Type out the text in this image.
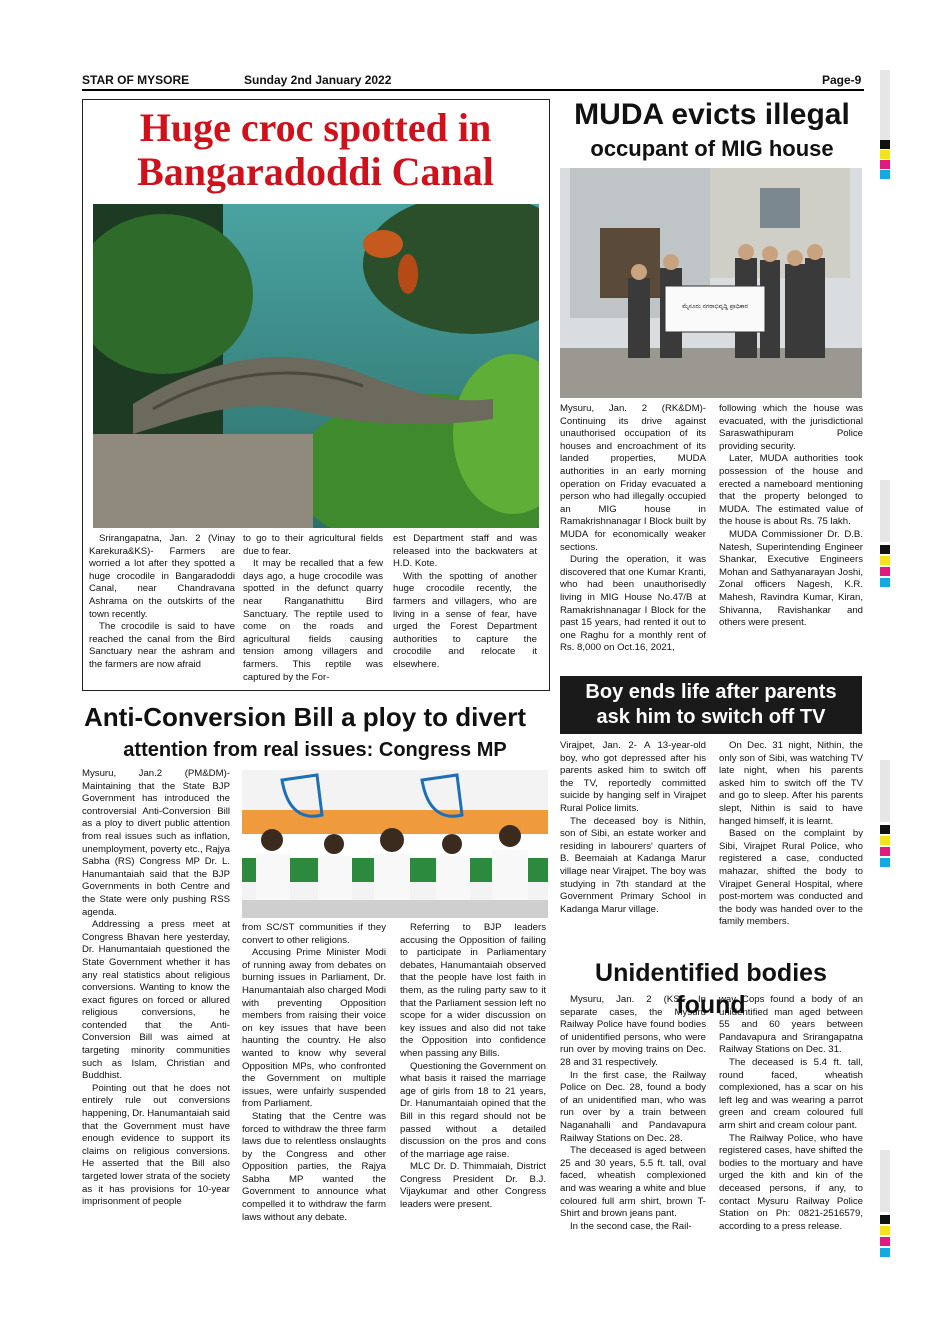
STAR OF MYSORE	Sunday 2nd January 2022	Page-9
Huge croc spotted in
Bangaradoddi Canal

Srirangapatna, Jan. 2 (Vinay Karekura&KS)- Farmers are worried a lot after they spotted a huge crocodile in Bangaradoddi Canal, near Chandravana Ashrama on the outskirts of the town recently.

The crocodile is said to have reached the canal from the Bird Sanctuary near the ashram and the farmers are now afraid

to go to their agricultural fields due to fear.

It may be recalled that a few days ago, a huge crocodile was spotted in the defunct quarry near Ranganathittu Bird Sanctuary. The reptile used to come on the roads and agricultural fields causing tension among villagers and farmers. This reptile was captured by the For-

est Department staff and was released into the backwaters at H.D. Kote.

With the spotting of another huge crocodile recently, the farmers and villagers, who are living in a sense of fear, have urged the Forest Department authorities to capture the crocodile and relocate it elsewhere.

MUDA evicts illegal
occupant of MIG house
ಮೈಸೂರು ನಗರಾಭಿವೃದ್ಧಿ ಪ್ರಾಧಿಕಾರ

Mysuru, Jan. 2 (RK&DM)- Continuing its drive against unauthorised occupation of its houses and encroachment of its landed properties, MUDA authorities in an early morning operation on Friday evacuated a person who had illegally occupied an MIG house in Ramakrishnanagar I Block built by MUDA for economically weaker sections.

During the operation, it was discovered that one Kumar Kranti, who had been unauthorisedly living in MIG House No.47/B at Ramakrishnanagar I Block for the past 15 years, had rented it out to one Raghu for a monthly rent of Rs. 8,000 on Oct.16, 2021,

following which the house was evacuated, with the jurisdictional Saraswathipuram Police providing security.

Later, MUDA authorities took possession of the house and erected a nameboard mentioning that the property belonged to MUDA. The estimated value of the house is about Rs. 75 lakh.

MUDA Commissioner Dr. D.B. Natesh, Superintending Engineer Shankar, Executive Engineers Mohan and Sathyanarayan Joshi, Zonal officers Nagesh, K.R. Mahesh, Ravindra Kumar, Kiran, Shivanna, Ravishankar and others were present.

Anti-Conversion Bill a ploy to divert
attention from real issues: Congress MP

Mysuru, Jan.2 (PM&DM)- Maintaining that the State BJP Government has introduced the controversial Anti-Conversion Bill as a ploy to divert public attention from real issues such as inflation, unemployment, poverty etc., Rajya Sabha (RS) Congress MP Dr. L. Hanumantaiah said that the BJP Governments in both Centre and the State were only pushing RSS agenda.

Addressing a press meet at Congress Bhavan here yesterday, Dr. Hanumantaiah questioned the State Government whether it has any real statistics about religious conversions. Wanting to know the exact figures on forced or allured religious conversions, he contended that the Anti-Conversion Bill was aimed at targeting minority communities such as Islam, Christian and Buddhist.

Pointing out that he does not entirely rule out conversions happening, Dr. Hanumantaiah said that the Government must have enough evidence to support its claims on religious conversions. He asserted that the Bill also targeted lower strata of the society as it has provisions for 10-year imprisonment of people

from SC/ST communities if they convert to other religions.

Accusing Prime Minister Modi of running away from debates on burning issues in Parliament, Dr. Hanumantaiah also charged Modi with preventing Opposition members from raising their voice on key issues that have been haunting the country. He also wanted to know why several Opposition MPs, who confronted the Government on multiple issues, were unfairly suspended from Parliament.

Stating that the Centre was forced to withdraw the three farm laws due to relentless onslaughts by the Congress and other Opposition parties, the Rajya Sabha MP wanted the Government to announce what compelled it to withdraw the farm laws without any debate.

Referring to BJP leaders accusing the Opposition of failing to participate in Parliamentary debates, Hanumantaiah observed that the people have lost faith in them, as the ruling party saw to it that the Parliament session left no scope for a wider discussion on key issues and also did not take the Opposition into confidence when passing any Bills.

Questioning the Government on what basis it raised the marriage age of girls from 18 to 21 years, Dr. Hanumantaiah opined that the Bill in this regard should not be passed without a detailed discussion on the pros and cons of the marriage age raise.

MLC Dr. D. Thimmaiah, District Congress President Dr. B.J. Vijaykumar and other Congress leaders were present.

Boy ends life after parents
ask him to switch off TV

Virajpet, Jan. 2- A 13-year-old boy, who got depressed after his parents asked him to switch off the TV, reportedly committed suicide by hanging self in Virajpet Rural Police limits.

The deceased boy is Nithin, son of Sibi, an estate worker and residing in labourers' quarters of B. Beemaiah at Kadanga Marur village near Virajpet. The boy was studying in 7th standard at the Government Primary School in Kadanga Marur village.

On Dec. 31 night, Nithin, the only son of Sibi, was watching TV late night, when his parents asked him to switch off the TV and go to sleep. After his parents slept, Nithin is said to have hanged himself, it is learnt.

Based on the complaint by Sibi, Virajpet Rural Police, who registered a case, conducted mahazar, shifted the body to Virajpet General Hospital, where post-mortem was conducted and the body was handed over to the family members.

Unidentified bodies found

Mysuru, Jan. 2 (KS)- In separate cases, the Mysuru Railway Police have found bodies of unidentified persons, who were run over by moving trains on Dec. 28 and 31 respectively.

In the first case, the Railway Police on Dec. 28, found a body of an unidentified man, who was run over by a train between Naganahalli and Pandavapura Railway Stations on Dec. 28.

The deceased is aged between 25 and 30 years, 5.5 ft. tall, oval faced, wheatish complexioned and was wearing a white and blue coloured full arm shirt, brown T-Shirt and brown jeans pant.

In the second case, the Rail-

way Cops found a body of an unidentified man aged between 55 and 60 years between Pandavapura and Srirangapatna Railway Stations on Dec. 31.

The deceased is 5.4 ft. tall, round faced, wheatish complexioned, has a scar on his left leg and was wearing a parrot green and cream coloured full arm shirt and cream colour pant.

The Railway Police, who have registered cases, have shifted the bodies to the mortuary and have urged the kith and kin of the deceased persons, if any, to contact Mysuru Railway Police Station on Ph: 0821-2516579, according to a press release.
